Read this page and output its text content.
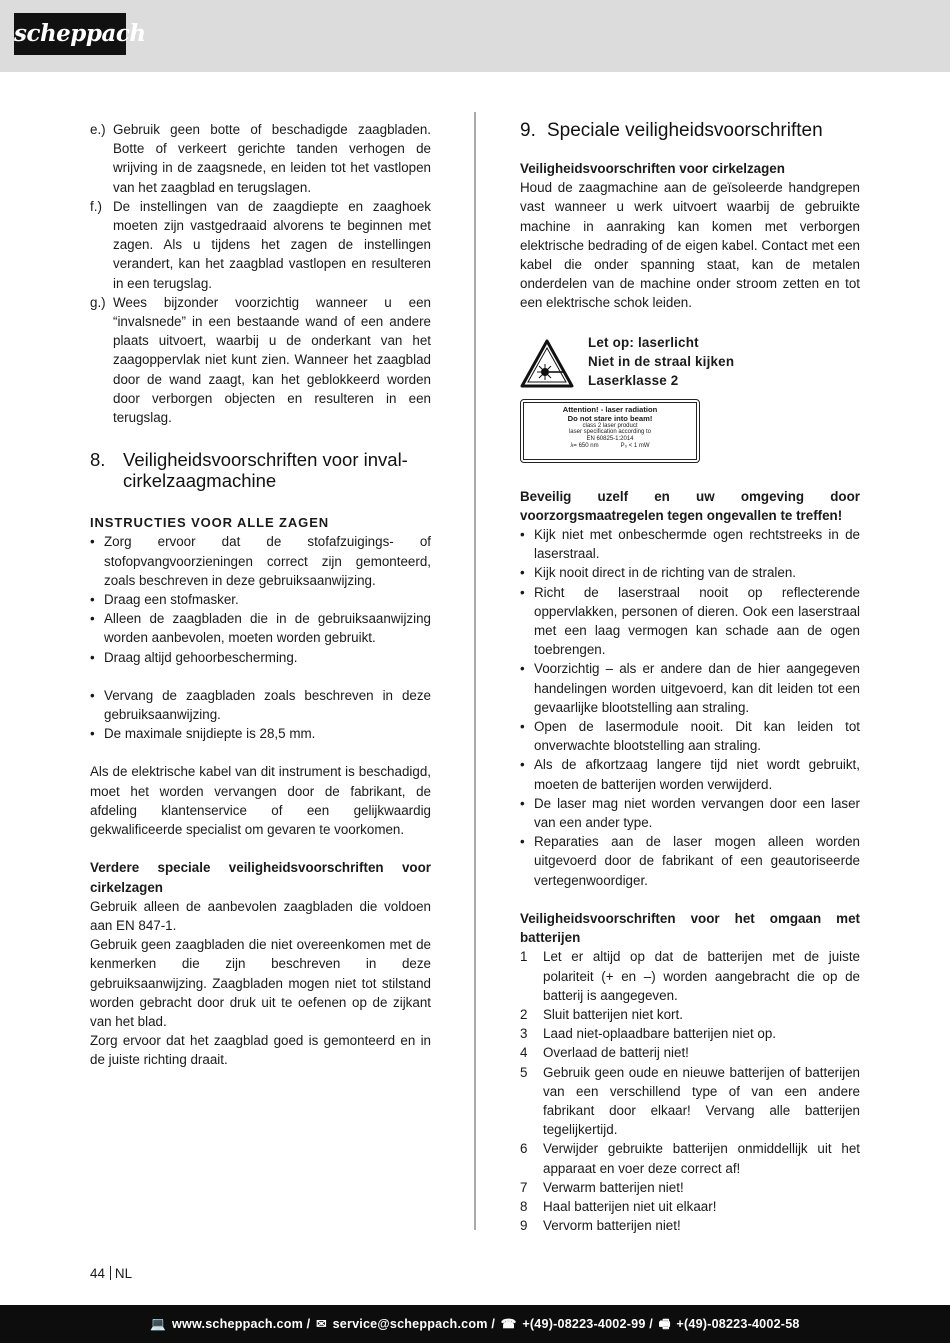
scheppach
e.) Gebruik geen botte of beschadigde zaagbladen. Botte of verkeert gerichte tanden verhogen de wrijving in de zaagsnede, en leiden tot het vastlopen van het zaagblad en terugslagen.
f.) De instellingen van de zaagdiepte en zaaghoek moeten zijn vastgedraaid alvorens te beginnen met zagen. Als u tijdens het zagen de instellingen verandert, kan het zaagblad vastlopen en resulteren in een terugslag.
g.) Wees bijzonder voorzichtig wanneer u een “invalsnede” in een bestaande wand of een andere plaats uitvoert, waarbij u de onderkant van het zaagoppervlak niet kunt zien. Wanneer het zaagblad door de wand zaagt, kan het geblokkeerd worden door verborgen objecten en resulteren in een terugslag.
8. Veiligheidsvoorschriften voor inval-cirkelzaagmachine
INSTRUCTIES VOOR ALLE ZAGEN
• Zorg ervoor dat de stofafzuigings- of stofopvangvoorzieningen correct zijn gemonteerd, zoals beschreven in deze gebruiksaanwijzing.
• Draag een stofmasker.
• Alleen de zaagbladen die in de gebruiksaanwijzing worden aanbevolen, moeten worden gebruikt.
• Draag altijd gehoorbescherming.
• Vervang de zaagbladen zoals beschreven in deze gebruiksaanwijzing.
• De maximale snijdiepte is 28,5 mm.

Als de elektrische kabel van dit instrument is beschadigd, moet het worden vervangen door de fabrikant, de afdeling klantenservice of een gelijkwaardig gekwalificeerde specialist om gevaren te voorkomen.

Verdere speciale veiligheidsvoorschriften voor cirkelzagen

Gebruik alleen de aanbevolen zaagbladen die voldoen aan EN 847-1.

Gebruik geen zaagbladen die niet overeenkomen met de kenmerken die zijn beschreven in deze gebruiksaanwijzing. Zaagbladen mogen niet tot stilstand worden gebracht door druk uit te oefenen op de zijkant van het blad.

Zorg ervoor dat het zaagblad goed is gemonteerd en in de juiste richting draait.

9. Speciale veiligheidsvoorschriften

Veiligheidsvoorschriften voor cirkelzagen

Houd de zaagmachine aan de geïsoleerde handgrepen vast wanneer u werk uitvoert waarbij de gebruikte machine in aanraking kan komen met verborgen elektrische bedrading of de eigen kabel. Contact met een kabel die onder spanning staat, kan de metalen onderdelen van de machine onder stroom zetten en tot een elektrische schok leiden.

Let op: laserlicht
Niet in de straal kijken
Laserklasse 2
Attention! - laser radiation
Do not stare into beam!
class 2 laser product
laser specification according to
EN 60825-1:2014
λ= 650 nm	P₀ < 1 mW

Beveilig uzelf en uw omgeving door voorzorgsmaatregelen tegen ongevallen te treffen!

• Kijk niet met onbeschermde ogen rechtstreeks in de laserstraal.
• Kijk nooit direct in de richting van de stralen.
• Richt de laserstraal nooit op reflecterende oppervlakken, personen of dieren. Ook een laserstraal met een laag vermogen kan schade aan de ogen toebrengen.
• Voorzichtig – als er andere dan de hier aangegeven handelingen worden uitgevoerd, kan dit leiden tot een gevaarlijke blootstelling aan straling.
• Open de lasermodule nooit. Dit kan leiden tot onverwachte blootstelling aan straling.
• Als de afkortzaag langere tijd niet wordt gebruikt, moeten de batterijen worden verwijderd.
• De laser mag niet worden vervangen door een laser van een ander type.
• Reparaties aan de laser mogen alleen worden uitgevoerd door de fabrikant of een geautoriseerde vertegenwoordiger.

Veiligheidsvoorschriften voor het omgaan met batterijen

1	Let er altijd op dat de batterijen met de juiste polariteit (+ en –) worden aangebracht die op de batterij is aangegeven.
2	Sluit batterijen niet kort.
3	Laad niet-oplaadbare batterijen niet op.
4	Overlaad de batterij niet!
5	Gebruik geen oude en nieuwe batterijen of batterijen van een verschillend type of van een andere fabrikant door elkaar! Vervang alle batterijen tegelijkertijd.
6	Verwijder gebruikte batterijen onmiddellijk uit het apparaat en voer deze correct af!
7	Verwarm batterijen niet!
8	Haal batterijen niet uit elkaar!
9	Vervorm batterijen niet!
44 NL
💻 www.scheppach.com / ✉ service@scheppach.com / ☎ +(49)-08223-4002-99 / 🖷 +(49)-08223-4002-58
